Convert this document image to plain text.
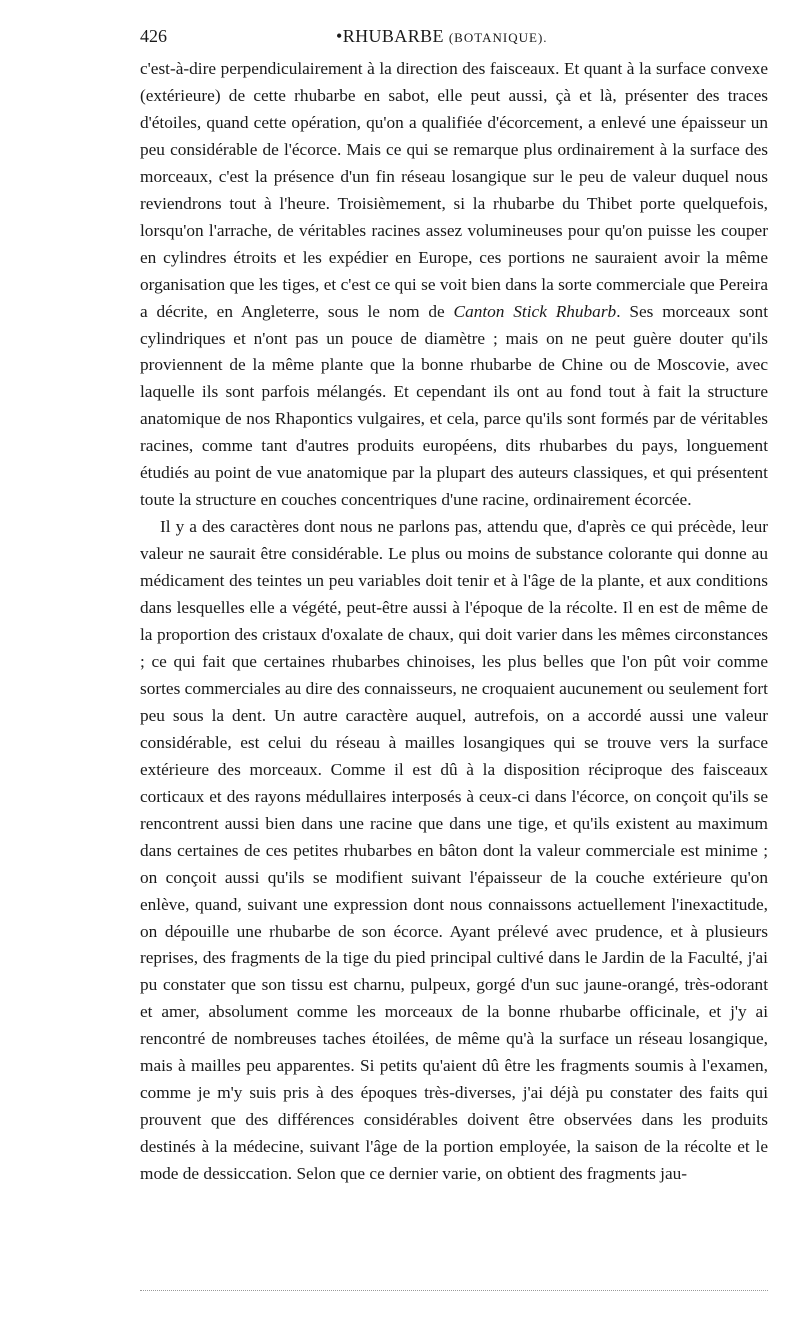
426	•RHUBARBE (BOTANIQUE).

c'est-à-dire perpendiculairement à la direction des faisceaux. Et quant à la surface convexe (extérieure) de cette rhubarbe en sabot, elle peut aussi, çà et là, présenter des traces d'étoiles, quand cette opération, qu'on a qualifiée d'écorcement, a enlevé une épaisseur un peu considérable de l'écorce. Mais ce qui se remarque plus ordinairement à la surface des morceaux, c'est la présence d'un fin réseau losangique sur le peu de valeur duquel nous reviendrons tout à l'heure. Troisièmement, si la rhubarbe du Thibet porte quelquefois, lorsqu'on l'arrache, de véritables racines assez volumineuses pour qu'on puisse les couper en cylindres étroits et les expédier en Europe, ces portions ne sauraient avoir la même organisation que les tiges, et c'est ce qui se voit bien dans la sorte commerciale que Pereira a décrite, en Angleterre, sous le nom de Canton Stick Rhubarb. Ses morceaux sont cylindriques et n'ont pas un pouce de diamètre ; mais on ne peut guère douter qu'ils proviennent de la même plante que la bonne rhubarbe de Chine ou de Moscovie, avec laquelle ils sont parfois mélangés. Et cependant ils ont au fond tout à fait la structure anatomique de nos Rhapontics vulgaires, et cela, parce qu'ils sont formés par de véritables racines, comme tant d'autres produits européens, dits rhubarbes du pays, longuement étudiés au point de vue anatomique par la plupart des auteurs classiques, et qui présentent toute la structure en couches concentriques d'une racine, ordinairement écorcée.

Il y a des caractères dont nous ne parlons pas, attendu que, d'après ce qui précède, leur valeur ne saurait être considérable. Le plus ou moins de substance colorante qui donne au médicament des teintes un peu variables doit tenir et à l'âge de la plante, et aux conditions dans lesquelles elle a végété, peut-être aussi à l'époque de la récolte. Il en est de même de la proportion des cristaux d'oxalate de chaux, qui doit varier dans les mêmes circonstances ; ce qui fait que certaines rhubarbes chinoises, les plus belles que l'on pût voir comme sortes commerciales au dire des connaisseurs, ne croquaient aucunement ou seulement fort peu sous la dent. Un autre caractère auquel, autrefois, on a accordé aussi une valeur considérable, est celui du réseau à mailles losangiques qui se trouve vers la surface extérieure des morceaux. Comme il est dû à la disposition réciproque des faisceaux corticaux et des rayons médullaires interposés à ceux-ci dans l'écorce, on conçoit qu'ils se rencontrent aussi bien dans une racine que dans une tige, et qu'ils existent au maximum dans certaines de ces petites rhubarbes en bâton dont la valeur commerciale est minime ; on conçoit aussi qu'ils se modifient suivant l'épaisseur de la couche extérieure qu'on enlève, quand, suivant une expression dont nous connaissons actuellement l'inexactitude, on dépouille une rhubarbe de son écorce. Ayant prélevé avec prudence, et à plusieurs reprises, des fragments de la tige du pied principal cultivé dans le Jardin de la Faculté, j'ai pu constater que son tissu est charnu, pulpeux, gorgé d'un suc jaune-orangé, très-odorant et amer, absolument comme les morceaux de la bonne rhubarbe officinale, et j'y ai rencontré de nombreuses taches étoilées, de même qu'à la surface un réseau losangique, mais à mailles peu apparentes. Si petits qu'aient dû être les fragments soumis à l'examen, comme je m'y suis pris à des époques très-diverses, j'ai déjà pu constater des faits qui prouvent que des différences considérables doivent être observées dans les produits destinés à la médecine, suivant l'âge de la portion employée, la saison de la récolte et le mode de dessiccation. Selon que ce dernier varie, on obtient des fragments jau-
